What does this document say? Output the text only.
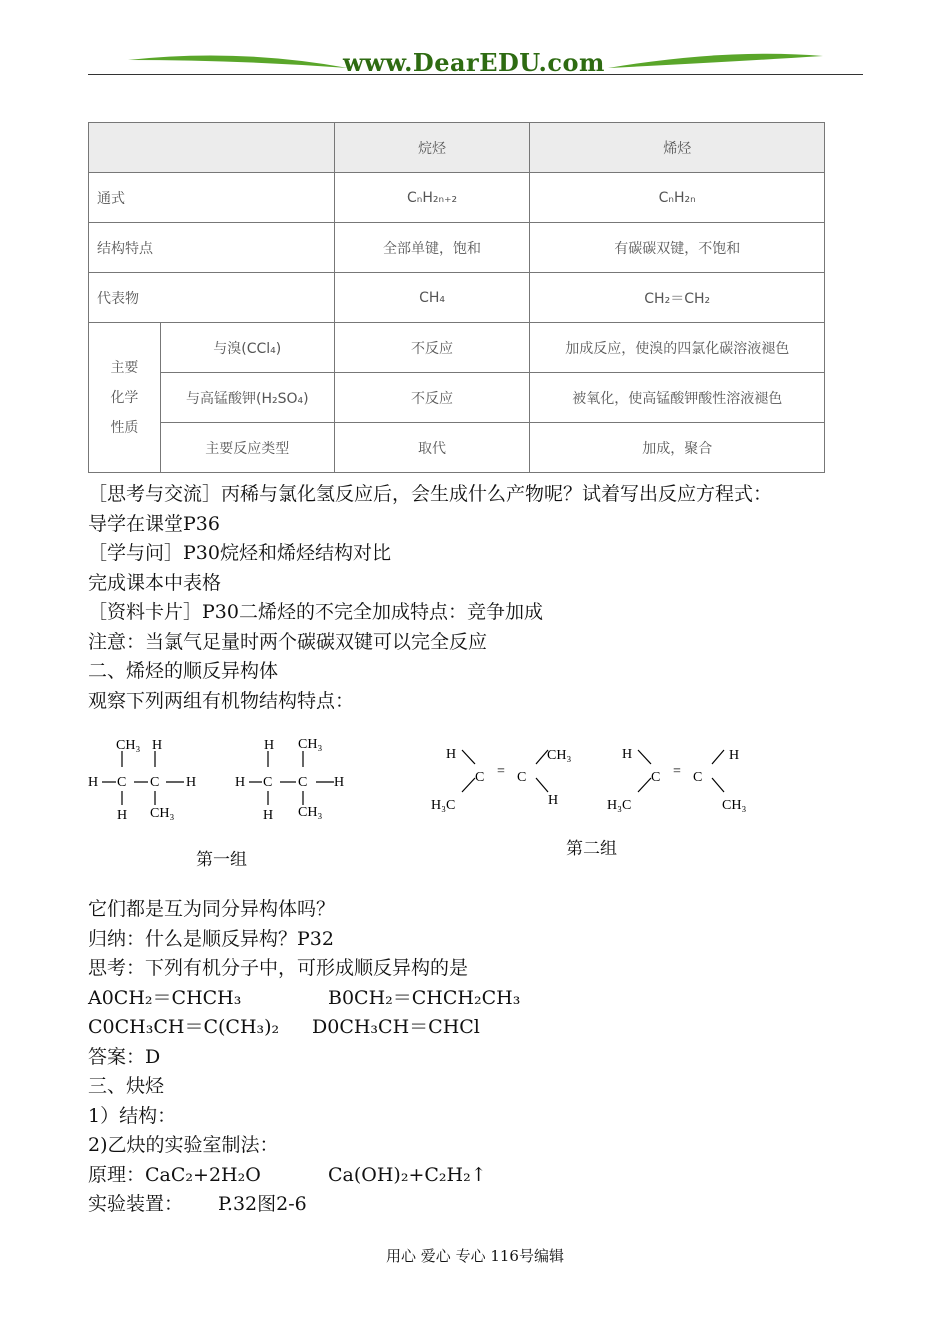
www.DearEDU.com
		烷烃	烯烃
通式		CₙH₂ₙ₊₂	CₙH₂ₙ
结构特点		全部单键，饱和	有碳碳双键，不饱和
代表物		CH₄	CH₂＝CH₂
主要
化学
性质	与溴(CCl₄)	不反应	加成反应，使溴的四氯化碳溶液褪色
	与高锰酸钾(H₂SO₄)	不反应	被氧化，使高锰酸钾酸性溶液褪色
	主要反应类型	取代	加成，聚合
［思考与交流］丙稀与氯化氢反应后，会生成什么产物呢？试着写出反应方程式：
导学在课堂P36
［学与问］P30烷烃和烯烃结构对比
完成课本中表格
［资料卡片］P30二烯烃的不完全加成特点：竞争加成
注意：当氯气足量时两个碳碳双键可以完全反应
二、烯烃的顺反异构体
观察下列两组有机物结构特点：
CH₃ H
H C C H
H CH₃
H CH₃
H C C H
H CH₃
第一组
H	CH₃
C = C
H₃C	H
H	H
C = C
H₃C	CH₃
第二组
它们都是互为同分异构体吗？
归纳：什么是顺反异构？P32
思考：下列有机分子中，可形成顺反异构的是
A0CH₂＝CHCH₃	B0CH₂＝CHCH₂CH₃
C0CH₃CH＝C(CH₃)₂ D0CH₃CH＝CHCl
答案：D
三、炔烃
1）结构：
2)乙炔的实验室制法：
原理：CaC₂+2H₂O	Ca(OH)₂+C₂H₂↑
实验装置： P.32图2-6
用心 爱心 专心 116号编辑
